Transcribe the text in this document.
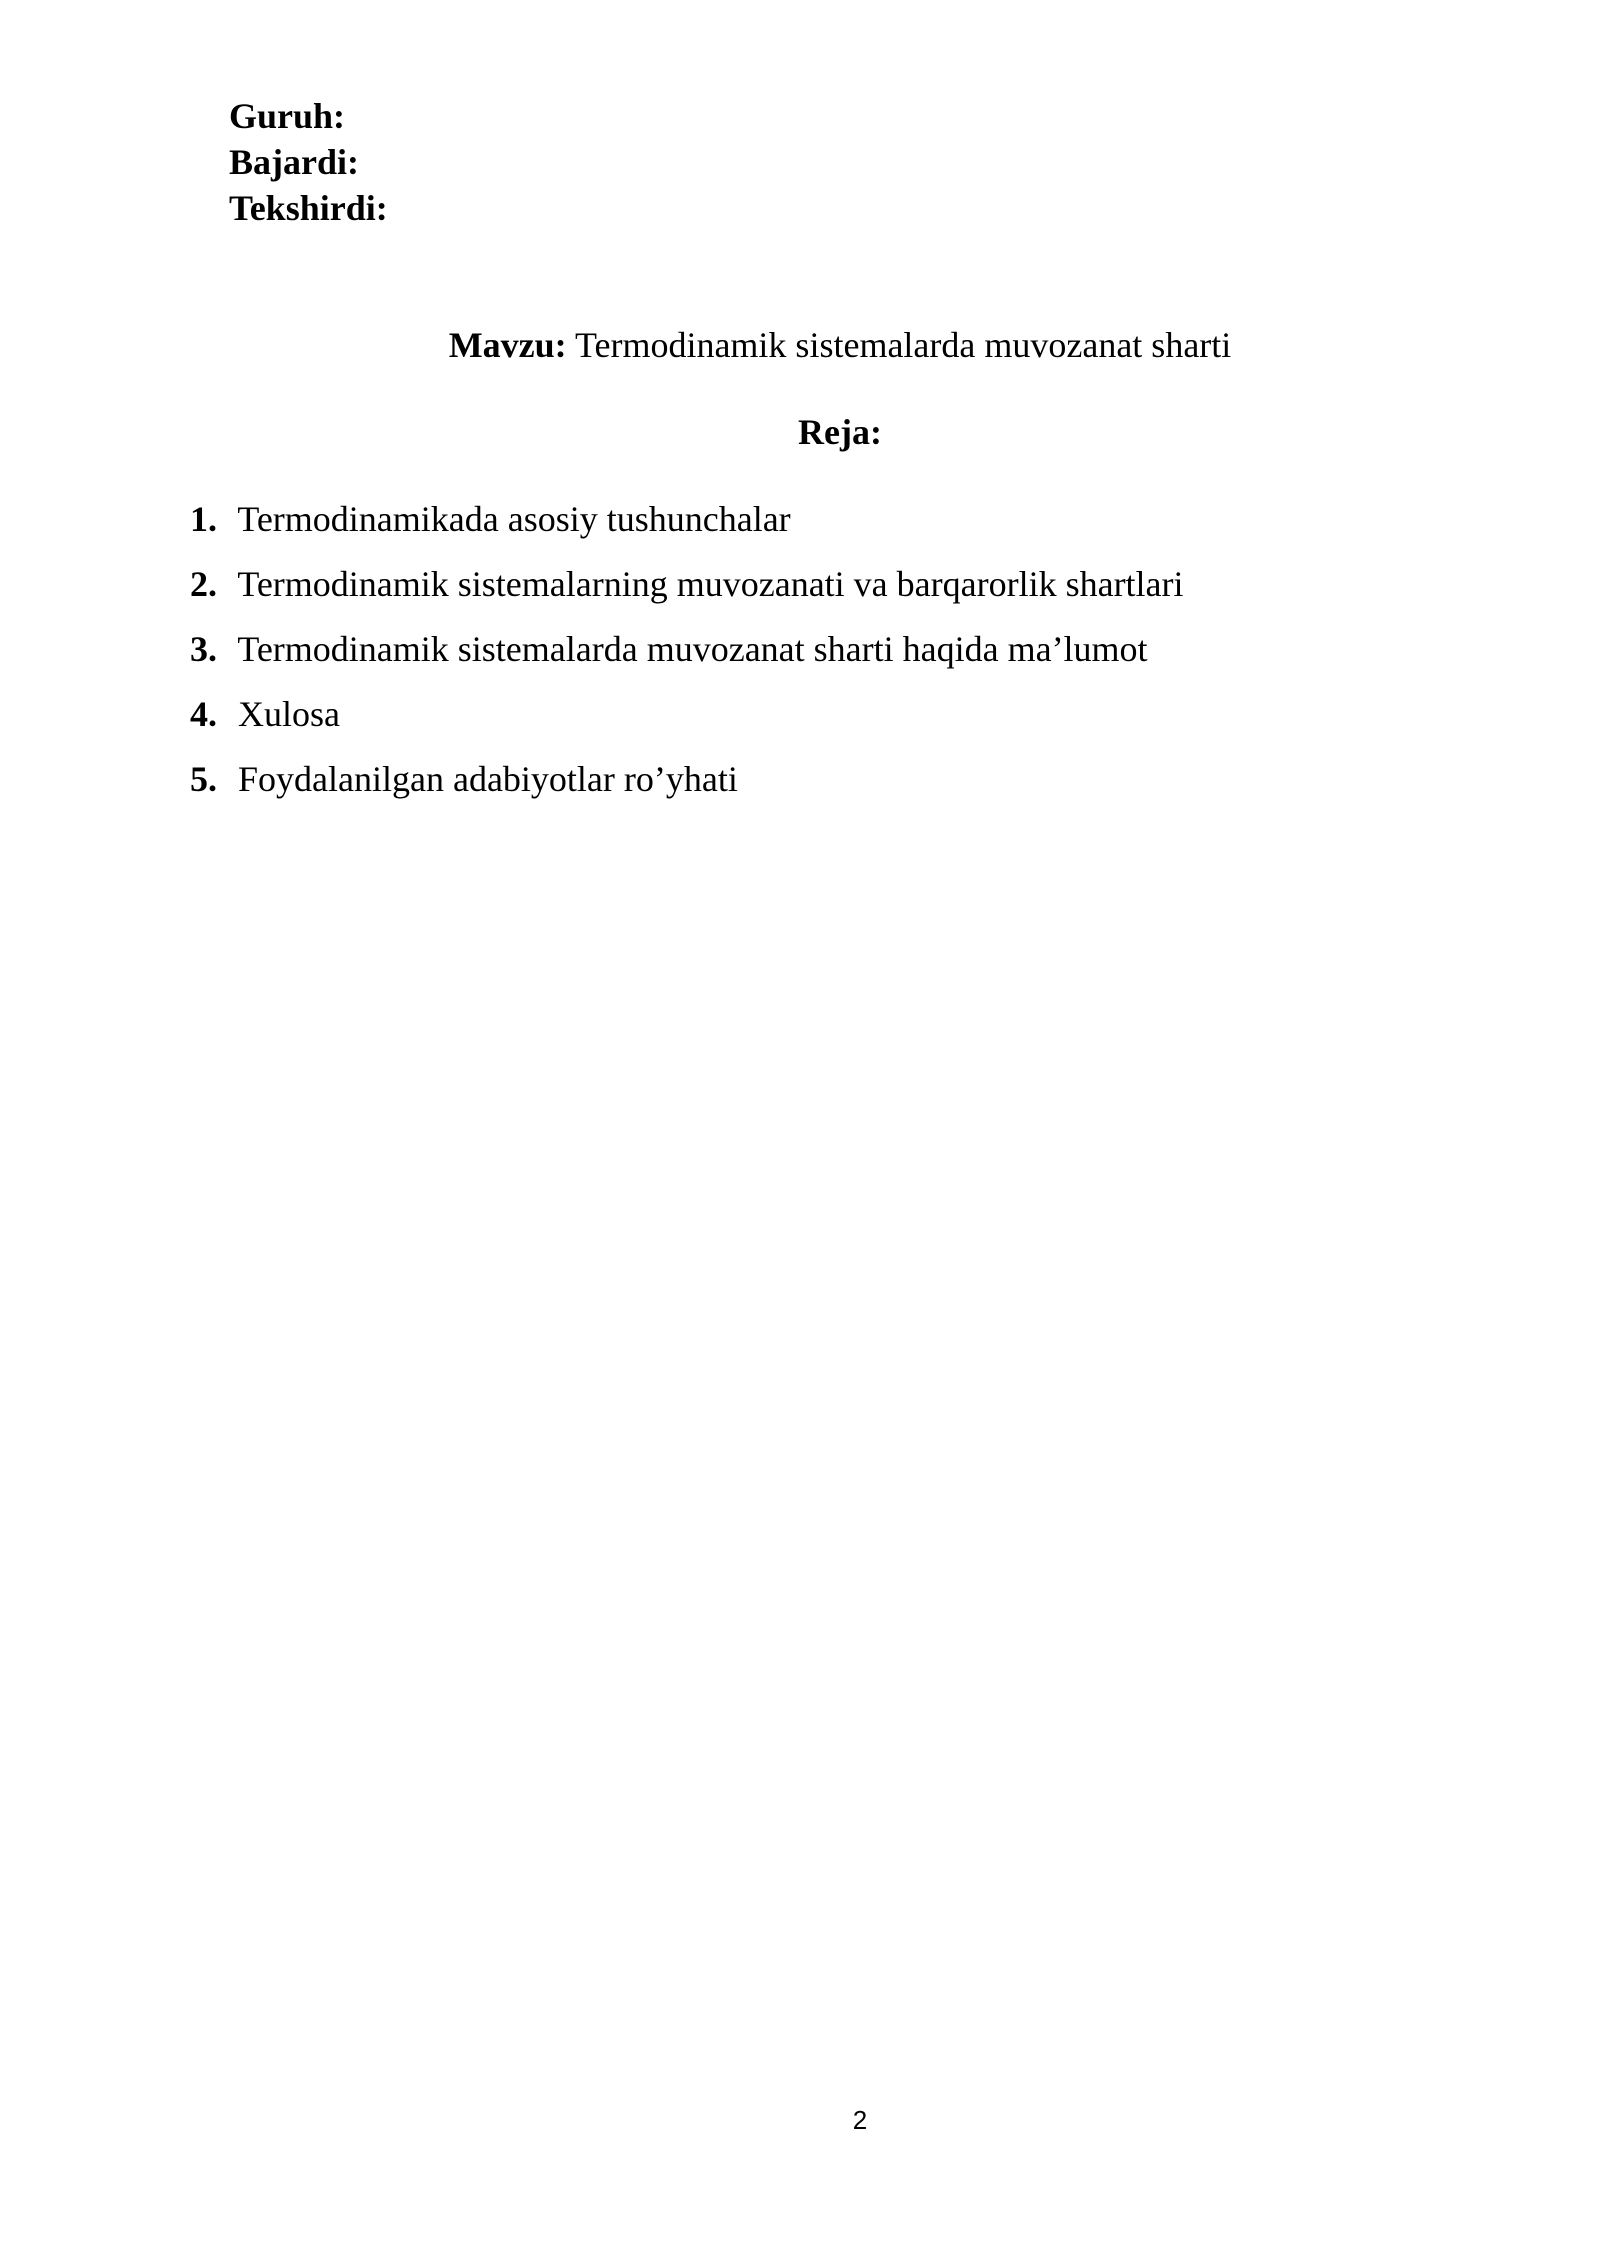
Guruh:

Bajardi:

Tekshirdi:

Mavzu: Termodinamik sistemalarda muvozanat sharti
Reja:
1. Termodinamikada asosiy tushunchalar
2. Termodinamik sistemalarning muvozanati va barqarorlik shartlari
3. Termodinamik sistemalarda muvozanat sharti haqida ma’lumot
4. Xulosa
5. Foydalanilgan adabiyotlar ro’yhati
2
